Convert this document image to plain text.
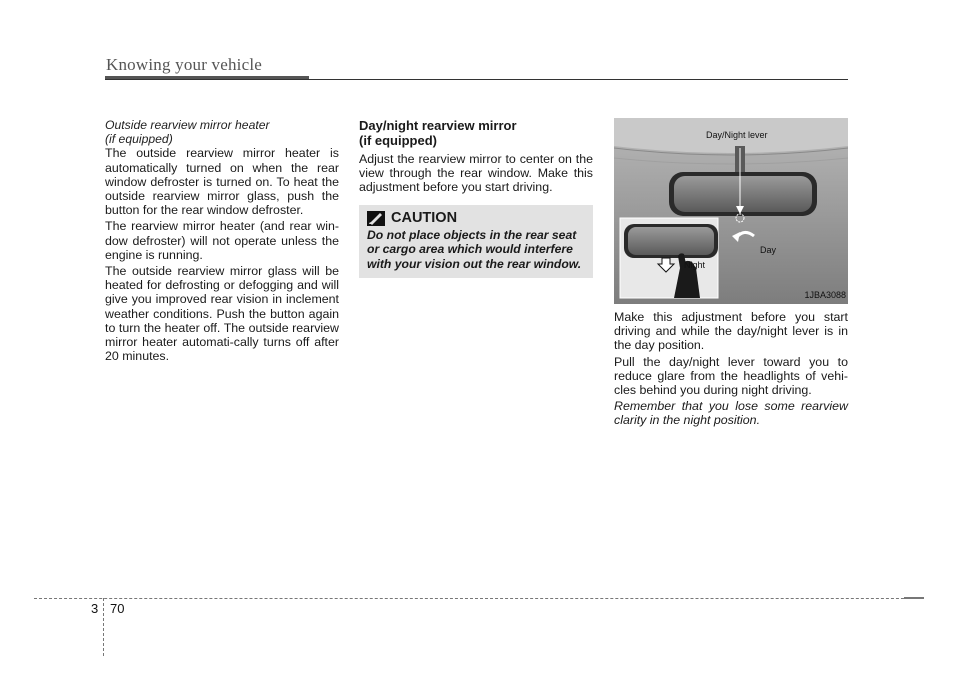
Knowing your vehicle

Outside rearview mirror heater
(if equipped)

The outside rearview mirror heater is automatically turned on when the rear window defroster is turned on. To heat the outside rearview mirror glass, push the button for the rear window defroster.

The rearview mirror heater (and rear win-dow defroster) will not operate unless the engine is running.

The outside rearview mirror glass will be heated for defrosting or defogging and will give you improved rear vision in inclement weather conditions. Push the button again to turn the heater off. The outside rearview mirror heater automati-cally turns off after 20 minutes.

Day/night rearview mirror
(if equipped)

Adjust the rearview mirror to center on the view through the rear window. Make this adjustment before you start driving.

CAUTION

Do not place objects in the rear seat or cargo area which would interfere with your vision out the rear window.

Day/Night lever
Day
Night
1JBA3088

Make this adjustment before you start driving and while the day/night lever is in the day position.

Pull the day/night lever toward you to reduce glare from the headlights of vehi-cles behind you during night driving.

Remember that you lose some rearview clarity in the night position.

3 70
